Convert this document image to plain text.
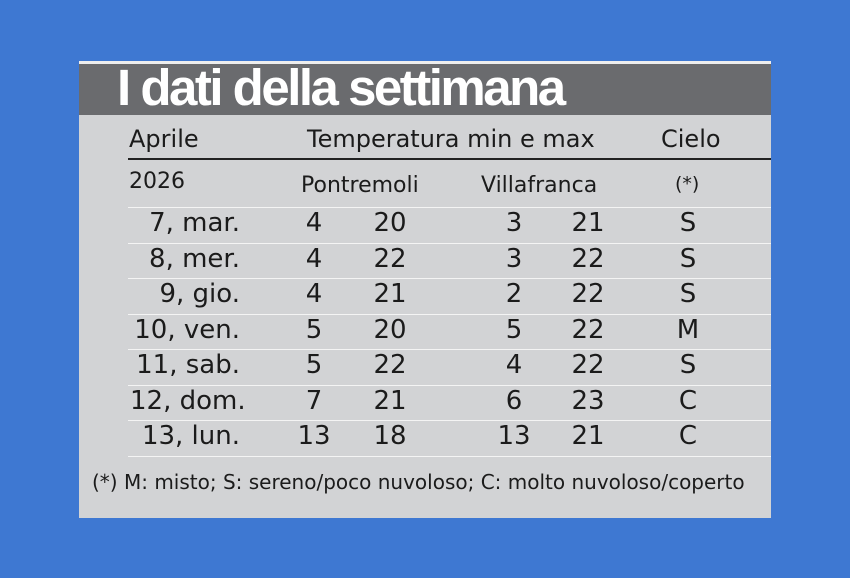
I dati della settimana
Aprile	Temperatura min e max	Cielo
2026	Pontremoli	Villafranca	(*)
7, mar.	4	20	3	21	S
8, mer.	4	22	3	22	S
9, gio.	4	21	2	22	S
10, ven.	5	20	5	22	M
11, sab.	5	22	4	22	S
12, dom.	7	21	6	23	C
13, lun.	13	18	13	21	C
(*) M: misto; S: sereno/poco nuvoloso; C: molto nuvoloso/coperto
